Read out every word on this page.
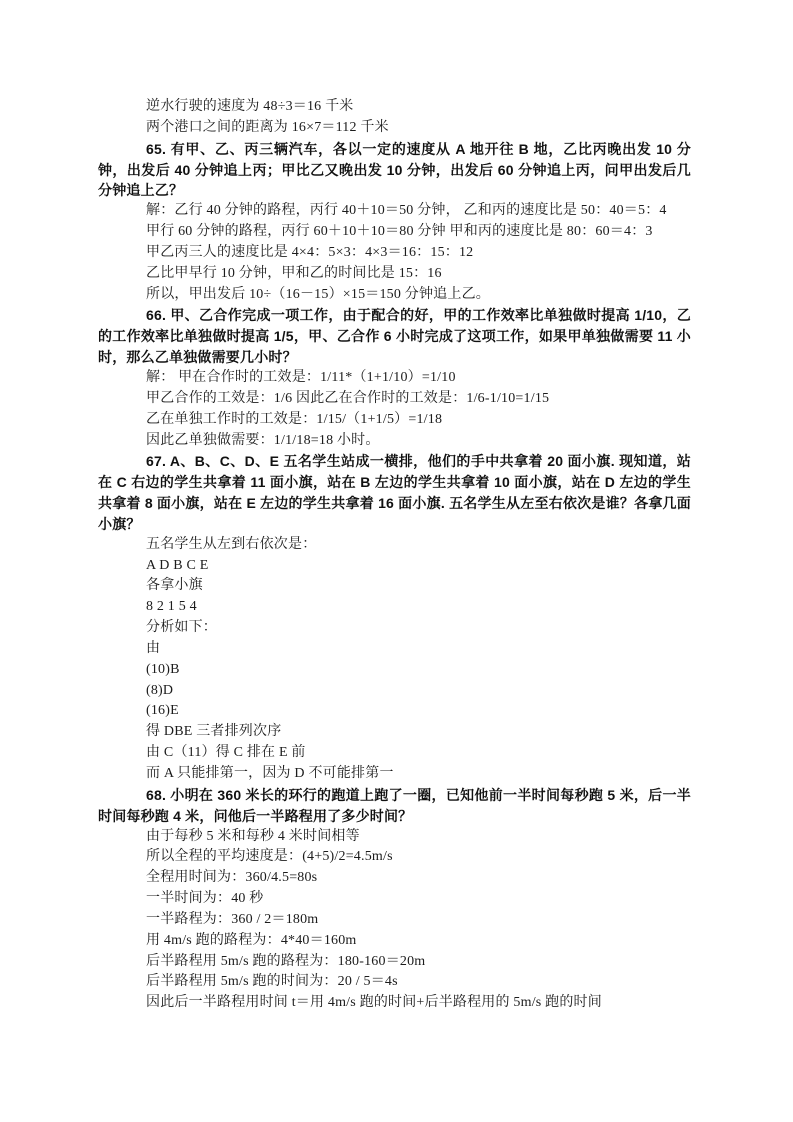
逆水行驶的速度为 48÷3＝16 千米
两个港口之间的距离为 16×7＝112 千米
65. 有甲、乙、丙三辆汽车，各以一定的速度从 A 地开往 B 地，乙比丙晚出发 10 分钟，出发后 40 分钟追上丙；甲比乙又晚出发 10 分钟，出发后 60 分钟追上丙，问甲出发后几分钟追上乙？
解：乙行 40 分钟的路程，丙行 40＋10＝50 分钟， 乙和丙的速度比是 50：40＝5：4
甲行 60 分钟的路程，丙行 60＋10＋10＝80 分钟 甲和丙的速度比是 80：60＝4：3
甲乙丙三人的速度比是 4×4：5×3：4×3＝16：15：12
乙比甲早行 10 分钟，甲和乙的时间比是 15：16
所以，甲出发后 10÷（16－15）×15＝150 分钟追上乙。
66. 甲、乙合作完成一项工作，由于配合的好，甲的工作效率比单独做时提高 1/10，乙的工作效率比单独做时提高 1/5，甲、乙合作 6 小时完成了这项工作，如果甲单独做需要 11 小时，那么乙单独做需要几小时？
解： 甲在合作时的工效是：1/11*（1+1/10）=1/10
甲乙合作的工效是：1/6 因此乙在合作时的工效是：1/6-1/10=1/15
乙在单独工作时的工效是：1/15/（1+1/5）=1/18
因此乙单独做需要：1/1/18=18 小时。
67. A、B、C、D、E 五名学生站成一横排，他们的手中共拿着 20 面小旗. 现知道，站在 C 右边的学生共拿着 11 面小旗，站在 B 左边的学生共拿着 10 面小旗，站在 D 左边的学生共拿着 8 面小旗，站在 E 左边的学生共拿着 16 面小旗. 五名学生从左至右依次是谁？各拿几面小旗？
五名学生从左到右依次是：
A D B C E
各拿小旗
8 2 1 5 4
分析如下：
由
(10)B
(8)D
(16)E
得 DBE 三者排列次序
由 C（11）得 C 排在 E 前
而 A 只能排第一，因为 D 不可能排第一
68. 小明在 360 米长的环行的跑道上跑了一圈，已知他前一半时间每秒跑 5 米，后一半时间每秒跑 4 米，问他后一半路程用了多少时间？
由于每秒 5 米和每秒 4 米时间相等
所以全程的平均速度是：(4+5)/2=4.5m/s
全程用时间为：360/4.5=80s
一半时间为：40 秒
一半路程为：360 / 2＝180m
用 4m/s 跑的路程为：4*40＝160m
后半路程用 5m/s 跑的路程为：180-160＝20m
后半路程用 5m/s 跑的时间为：20 / 5＝4s
因此后一半路程用时间 t＝用 4m/s 跑的时间+后半路程用的 5m/s 跑的时间
